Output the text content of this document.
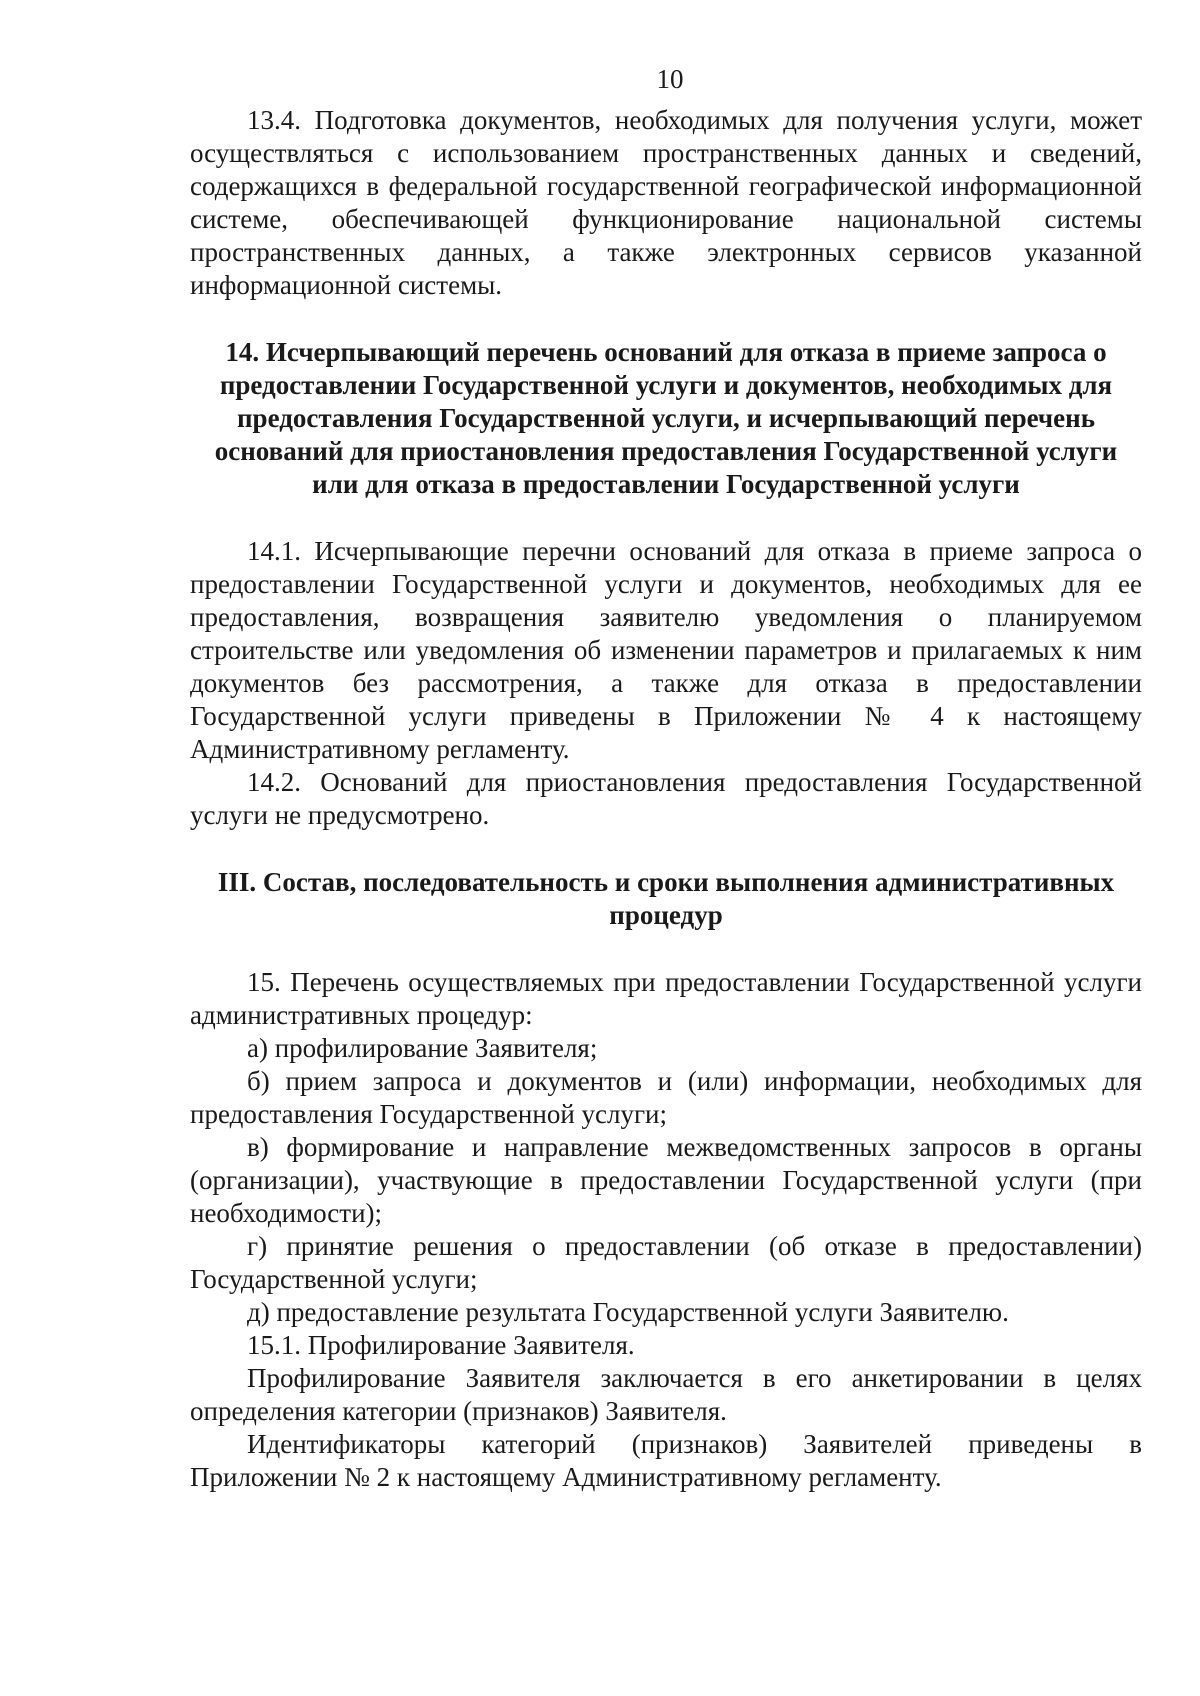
10

13.4. Подготовка документов, необходимых для получения услуги, может осуществляться с использованием пространственных данных и сведений, содержащихся в федеральной государственной географической информационной системе, обеспечивающей функционирование национальной системы пространственных данных, а также электронных сервисов указанной информационной системы.

14. Исчерпывающий перечень оснований для отказа в приеме запроса о предоставлении Государственной услуги и документов, необходимых для предоставления Государственной услуги, и исчерпывающий перечень оснований для приостановления предоставления Государственной услуги или для отказа в предоставлении Государственной услуги

14.1. Исчерпывающие перечни оснований для отказа в приеме запроса о предоставлении Государственной услуги и документов, необходимых для ее предоставления, возвращения заявителю уведомления о планируемом строительстве или уведомления об изменении параметров и прилагаемых к ним документов без рассмотрения, а также для отказа в предоставлении Государственной услуги приведены в Приложении № 4 к настоящему Административному регламенту.

14.2. Оснований для приостановления предоставления Государственной услуги не предусмотрено.

III. Состав, последовательность и сроки выполнения административных процедур

15. Перечень осуществляемых при предоставлении Государственной услуги административных процедур:

а) профилирование Заявителя;

б) прием запроса и документов и (или) информации, необходимых для предоставления Государственной услуги;

в) формирование и направление межведомственных запросов в органы (организации), участвующие в предоставлении Государственной услуги (при необходимости);

г) принятие решения о предоставлении (об отказе в предоставлении) Государственной услуги;

д) предоставление результата Государственной услуги Заявителю.

15.1. Профилирование Заявителя.

Профилирование Заявителя заключается в его анкетировании в целях определения категории (признаков) Заявителя.

Идентификаторы категорий (признаков) Заявителей приведены в Приложении № 2 к настоящему Административному регламенту.
